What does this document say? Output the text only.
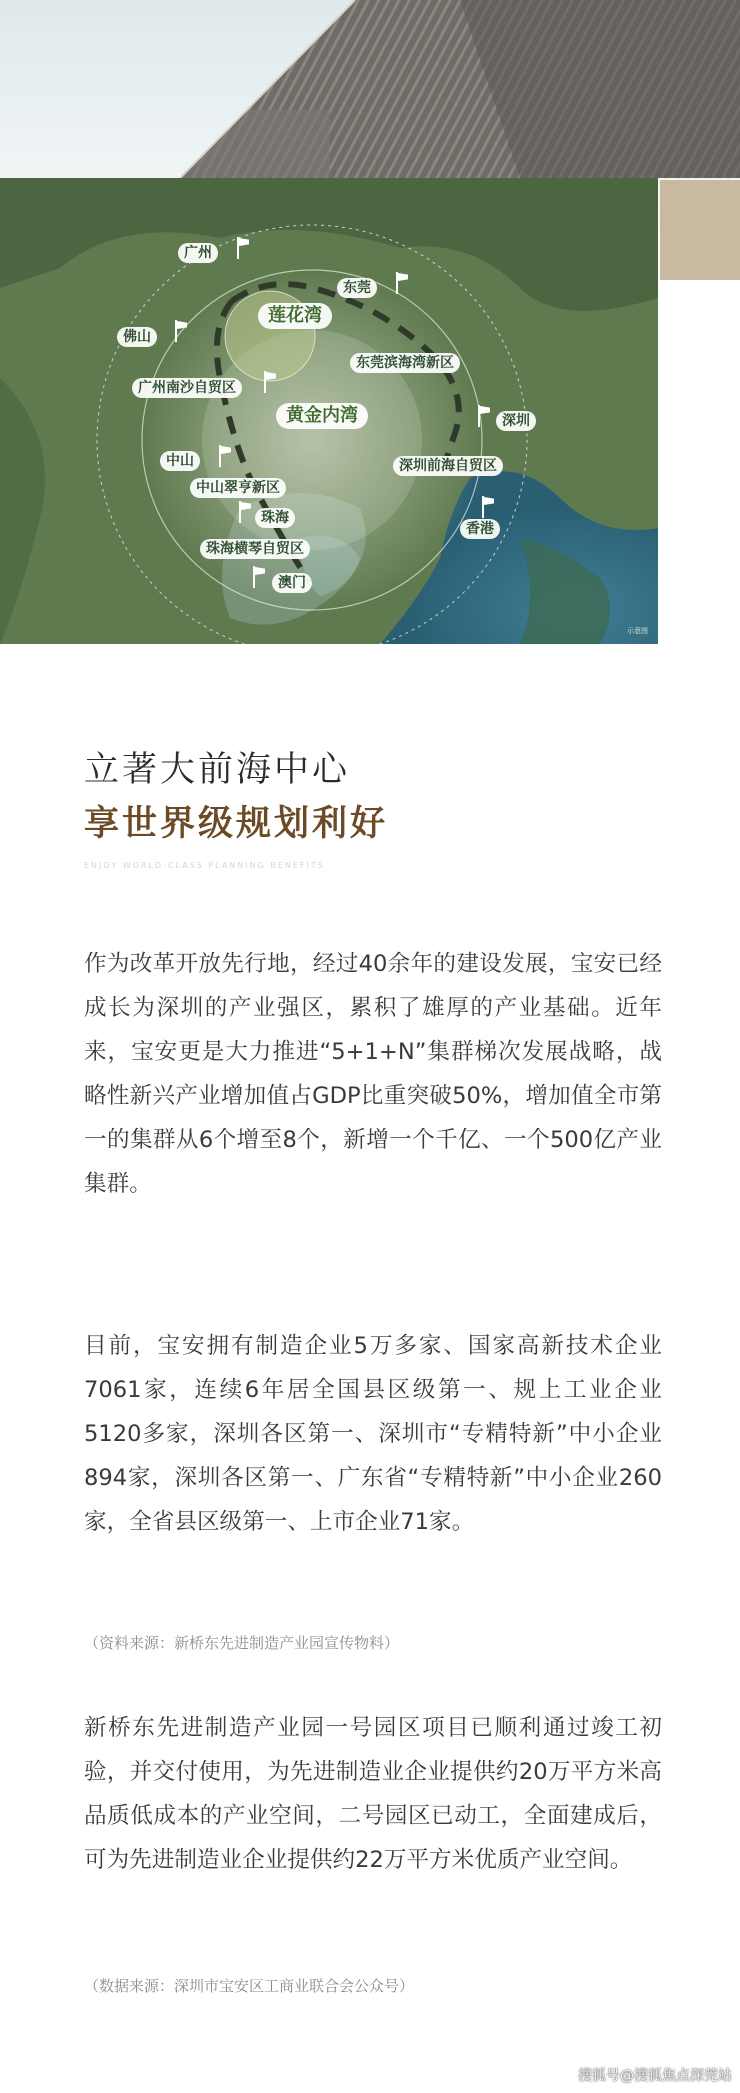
广州
东莞
莲花湾
佛山
东莞滨海湾新区
广州南沙自贸区
黄金内湾	深圳
中山	深圳前海自贸区
中山翠亨新区
珠海
香港
珠海横琴自贸区
澳门
示意图
立著大前海中心
享世界级规划利好
ENJOY WORLD-CLASS PLANNING BENEFITS

作为改革开放先行地，经过40余年的建设发展，宝安已经成长为深圳的产业强区，累积了雄厚的产业基础。近年来，宝安更是大力推进“5+1+N”集群梯次发展战略，战略性新兴产业增加值占GDP比重突破50%，增加值全市第一的集群从6个增至8个，新增一个千亿、一个500亿产业集群。

目前，宝安拥有制造企业5万多家、国家高新技术企业7061家，连续6年居全国县区级第一、规上工业企业5120多家，深圳各区第一、深圳市“专精特新”中小企业894家，深圳各区第一、广东省“专精特新”中小企业260家，全省县区级第一、上市企业71家。

（资料来源：新桥东先进制造产业园宣传物料）

新桥东先进制造产业园一号园区项目已顺利通过竣工初验，并交付使用，为先进制造业企业提供约20万平方米高品质低成本的产业空间，二号园区已动工，全面建成后，可为先进制造业企业提供约22万平方米优质产业空间。

（数据来源：深圳市宝安区工商业联合会公众号）
搜狐号@搜狐焦点深莞站
